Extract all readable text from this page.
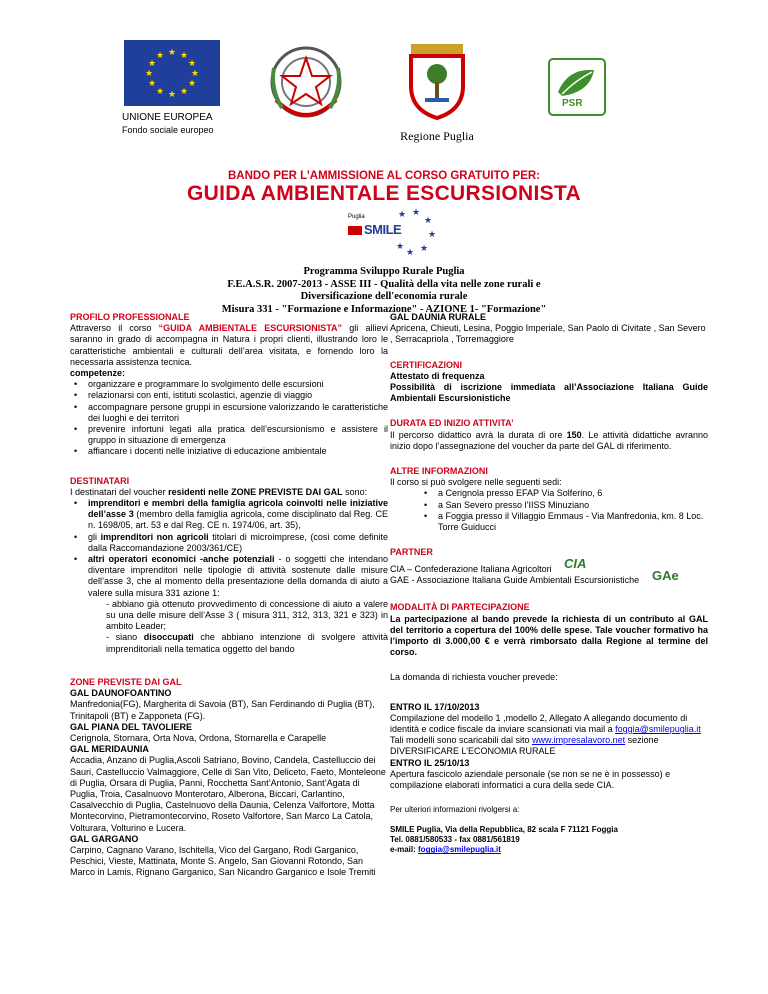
★ ★
★
★
★
★
★
★
★
★
★
★
UNIONE EUROPEA
Fondo sociale europeo	Regione Puglia
PSR
BANDO PER L’AMMISSIONE AL CORSO GRATUITO PER:
GUIDA AMBIENTALE ESCURSIONISTA
Puglia
SMILE
★ ★
★
★
★
★
★
Programma Sviluppo Rurale Puglia
F.E.A.S.R. 2007-2013 - ASSE III - Qualità della vita nelle zone rurali e
Diversificazione dell'economia rurale
Misura 331 - "Formazione e Informazione" - AZIONE 1- "Formazione"
PROFILO PROFESSIONALE
Attraverso il corso “GUIDA AMBIENTALE ESCURSIONISTA” gli allievi saranno in grado di accompagna in Natura i propri clienti, illustrando loro le caratteristiche ambientali e culturali dell’area visitata, e fornendo loro la necessaria assistenza tecnica.
competenze:
• organizzare e programmare lo svolgimento delle escursioni
• relazionarsi con enti, istituti scolastici, agenzie di viaggio
• accompagnare persone gruppi in escursione valorizzando le caratteristiche dei luoghi e dei territori
• prevenire infortuni legati alla pratica dell’escursionismo e assistere il gruppo in situazione di emergenza
• affiancare i docenti nelle iniziative di educazione ambientale
DESTINATARI
I destinatari del voucher residenti nelle ZONE PREVISTE DAI GAL sono:
• imprenditori e membri della famiglia agricola coinvolti nelle iniziative dell’asse 3 (membro della famiglia agricola, come disciplinato dal Reg. CE n. 1698/05, art. 53 e dal Reg. CE n. 1974/06, art. 35),
• gli imprenditori non agricoli titolari di microimprese, (così come definite dalla Raccomandazione 2003/361/CE)
• altri operatori economici -anche potenziali - o soggetti che intendano diventare imprenditori nelle tipologie di attività sostenute dalle misure dell’asse 3, che al momento della presentazione della domanda di aiuto a valere sulla misura 331 azione 1:
- abbiano già ottenuto provvedimento di concessione di aiuto a valere su una delle misure dell’Asse 3 ( misura 311, 312, 313, 321 e 323) in ambito Leader;
- siano disoccupati che abbiano intenzione di svolgere attività imprenditoriali nella tematica oggetto del bando
ZONE PREVISTE DAI GAL
GAL DAUNOFOANTINO
Manfredonia(FG), Margherita di Savoia (BT), San Ferdinando di Puglia (BT), Trinitapoli (BT) e Zapponeta (FG).
GAL PIANA DEL TAVOLIERE
Cerignola, Stornara, Orta Nova, Ordona, Stornarella e Carapelle
GAL MERIDAUNIA
Accadia, Anzano di Puglia,Ascoli Satriano, Bovino, Candela, Castelluccio dei Sauri, Castelluccio Valmaggiore, Celle di San Vito, Deliceto, Faeto, Monteleone di Puglia, Orsara di Puglia, Panni, Rocchetta Sant’Antonio, Sant’Agata di Puglia, Troia, Casalnuovo Monterotaro, Alberona, Biccari, Carlantino, Casalvecchio di Puglia, Castelnuovo della Daunia, Celenza Valfortore, Motta Montecorvino, Pietramontecorvino, Roseto Valfortore, San Marco La Catola, Volturara, Volturino e Lucera.
GAL GARGANO
Carpino, Cagnano Varano, Ischitella, Vico del Gargano, Rodi Garganico, Peschici, Vieste, Mattinata, Monte S. Angelo, San Giovanni Rotondo, San Marco in Lamis, Rignano Garganico, San Nicandro Garganico e Isole Tremiti
GAL DAUNIA RURALE
Apricena, Chieuti, Lesina, Poggio Imperiale, San Paolo di Civitate , San Severo , Serracapriola , Torremaggiore
CERTIFICAZIONI
Attestato di frequenza
Possibilità di iscrizione immediata all’Associazione Italiana Guide Ambientali Escursionistiche
DURATA ED INIZIO ATTIVITA’
Il percorso didattico avrà la durata di ore 150. Le attività didattiche avranno inizio dopo l’assegnazione del voucher da parte del GAL di riferimento.
ALTRE INFORMAZIONI
Il corso si può svolgere nelle seguenti sedi:
• a Cerignola presso EFAP Via Solferino, 6
• a San Severo presso l’IISS Minuziano
• a Foggia presso il Villaggio Emmaus - Via Manfredonia, km. 8 Loc. Torre Guiducci
PARTNER
CIA – Confederazione Italiana Agricoltori
GAE - Associazione Italiana Guide Ambientali Escursionistiche
CIA
GAe
MODALITÀ DI PARTECIPAZIONE
La partecipazione al bando prevede la richiesta di un contributo al GAL del territorio a copertura del 100% delle spese. Tale voucher formativo ha l’importo di 3.000,00 € e verrà rimborsato dalla Regione al termine del corso.
La domanda di richiesta voucher prevede:
ENTRO IL 17/10/2013
Compilazione del modello 1 ,modello 2, Allegato A allegando documento di identità e codice fiscale da inviare scansionati via mail a foggia@smilepuglia.it
Tali modelli sono scaricabili dal sito www.impresalavoro.net sezione DIVERSIFICARE L’ECONOMIA RURALE
ENTRO IL 25/10/13
Apertura fascicolo aziendale personale (se non se ne è in possesso) e compilazione elaborati informatici a cura della sede CIA.
Per ulteriori informazioni rivolgersi a:
SMILE Puglia, Via della Repubblica, 82 scala F 71121 Foggia
Tel. 0881/580533 - fax 0881/561819
e-mail: foggia@smilepuglia.it
